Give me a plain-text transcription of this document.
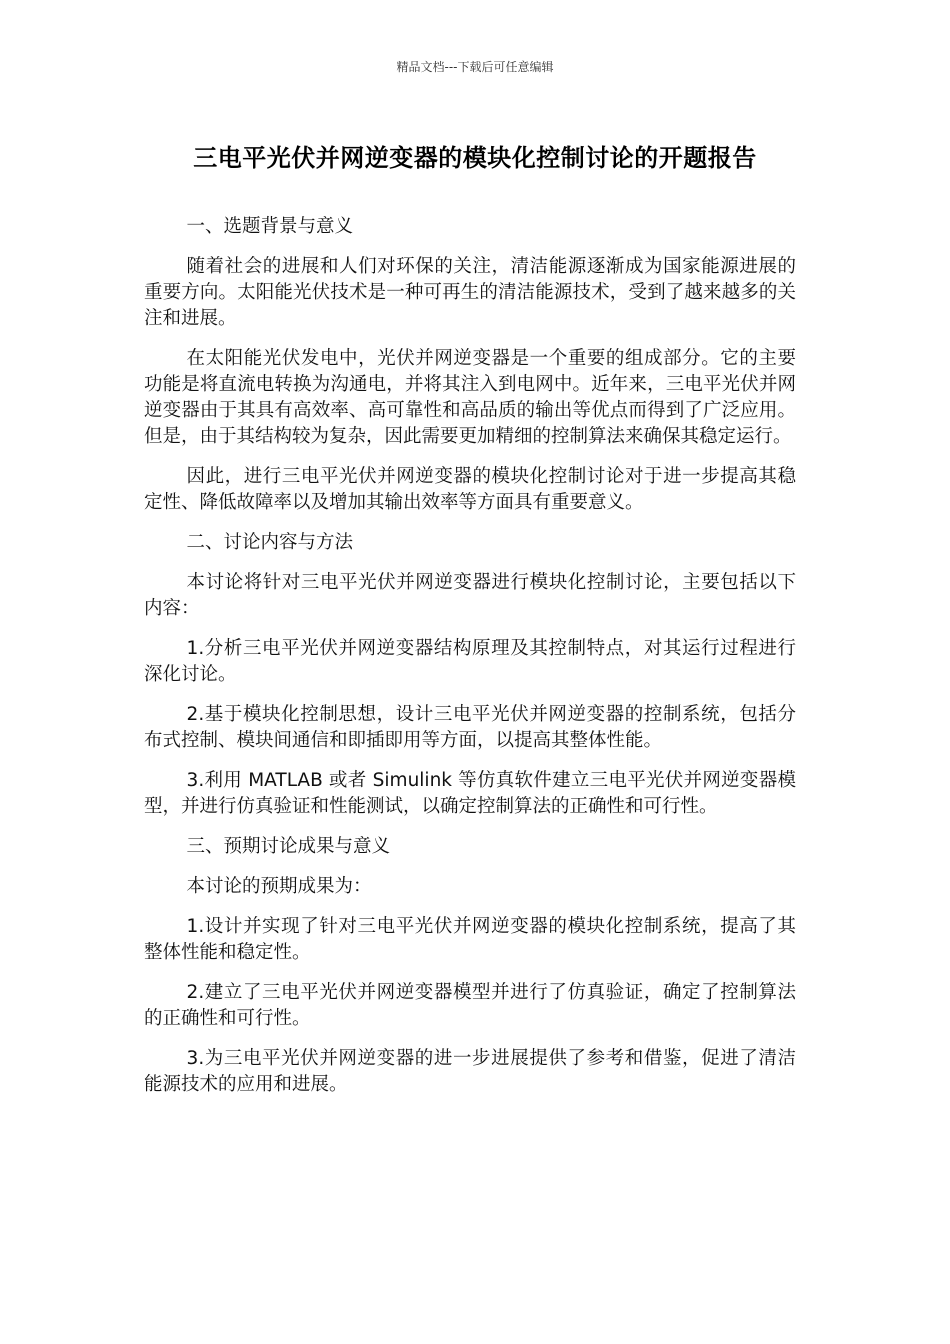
精品文档---下载后可任意编辑
三电平光伏并网逆变器的模块化控制讨论的开题报告

一、选题背景与意义

随着社会的进展和人们对环保的关注，清洁能源逐渐成为国家能源进展的重要方向。太阳能光伏技术是一种可再生的清洁能源技术，受到了越来越多的关注和进展。

在太阳能光伏发电中，光伏并网逆变器是一个重要的组成部分。它的主要功能是将直流电转换为沟通电，并将其注入到电网中。近年来，三电平光伏并网逆变器由于其具有高效率、高可靠性和高品质的输出等优点而得到了广泛应用。但是，由于其结构较为复杂，因此需要更加精细的控制算法来确保其稳定运行。

因此，进行三电平光伏并网逆变器的模块化控制讨论对于进一步提高其稳定性、降低故障率以及增加其输出效率等方面具有重要意义。

二、讨论内容与方法

本讨论将针对三电平光伏并网逆变器进行模块化控制讨论，主要包括以下内容：

1.分析三电平光伏并网逆变器结构原理及其控制特点，对其运行过程进行深化讨论。

2.基于模块化控制思想，设计三电平光伏并网逆变器的控制系统，包括分布式控制、模块间通信和即插即用等方面，以提高其整体性能。

3.利用 MATLAB 或者 Simulink 等仿真软件建立三电平光伏并网逆变器模型，并进行仿真验证和性能测试，以确定控制算法的正确性和可行性。

三、预期讨论成果与意义

本讨论的预期成果为：

1.设计并实现了针对三电平光伏并网逆变器的模块化控制系统，提高了其整体性能和稳定性。

2.建立了三电平光伏并网逆变器模型并进行了仿真验证，确定了控制算法的正确性和可行性。

3.为三电平光伏并网逆变器的进一步进展提供了参考和借鉴，促进了清洁能源技术的应用和进展。
